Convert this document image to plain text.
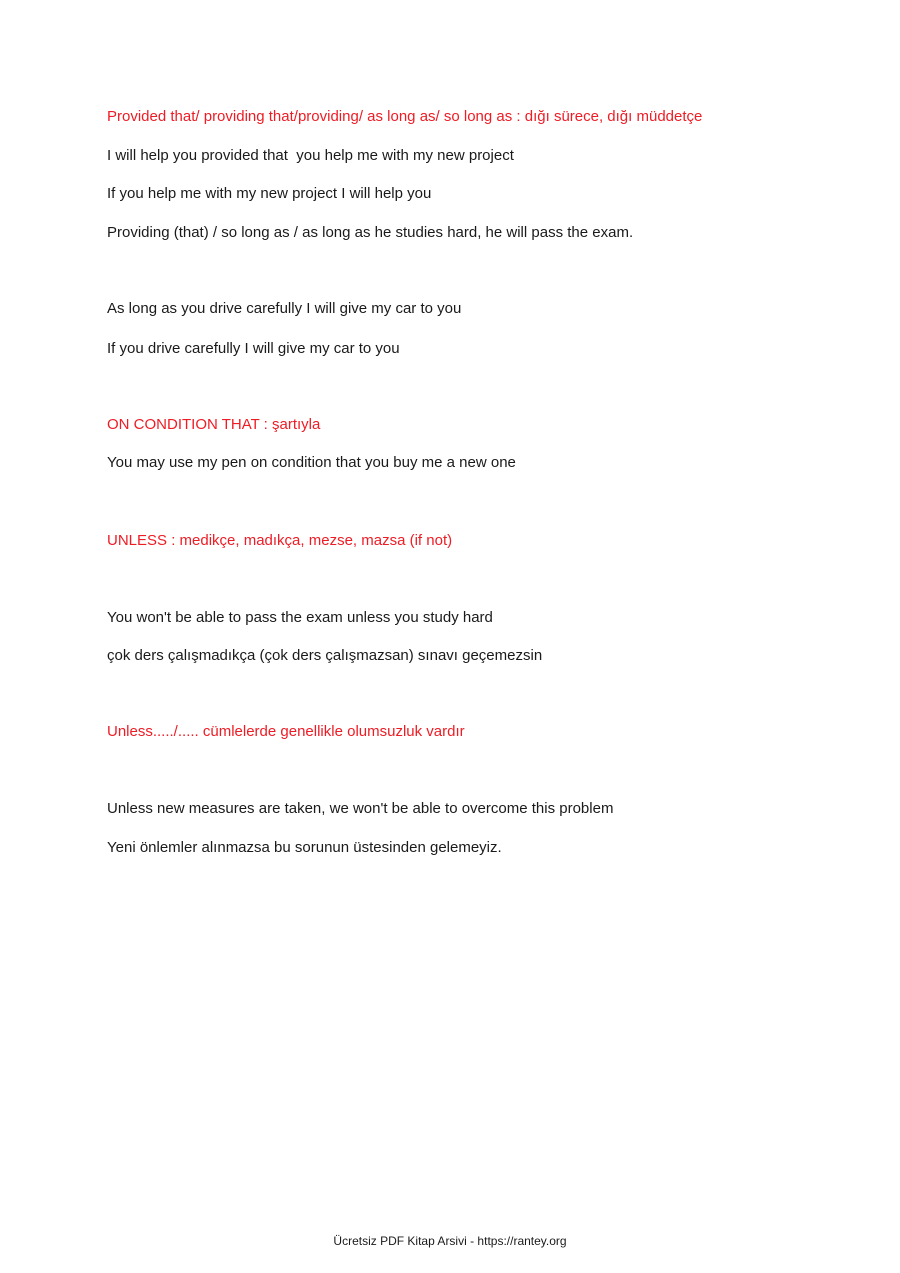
Provided that/ providing that/providing/ as long as/ so long as : dığı sürece, dığı müddetçe
I will help you provided that  you help me with my new project
If you help me with my new project I will help you
Providing (that) / so long as / as long as he studies hard, he will pass the exam.
As long as you drive carefully I will give my car to you
If you drive carefully I will give my car to you
ON CONDITION THAT : şartıyla
You may use my pen on condition that you buy me a new one
UNLESS : medikçe, madıkça, mezse, mazsa (if not)
You won't be able to pass the exam unless you study hard
çok ders çalışmadıkça (çok ders çalışmazsan) sınavı geçemezsin
Unless...../..... cümlelerde genellikle olumsuzluk vardır
Unless new measures are taken, we won't be able to overcome this problem
Yeni önlemler alınmazsa bu sorunun üstesinden gelemeyiz.
Ücretsiz PDF Kitap Arsivi - https://rantey.org
